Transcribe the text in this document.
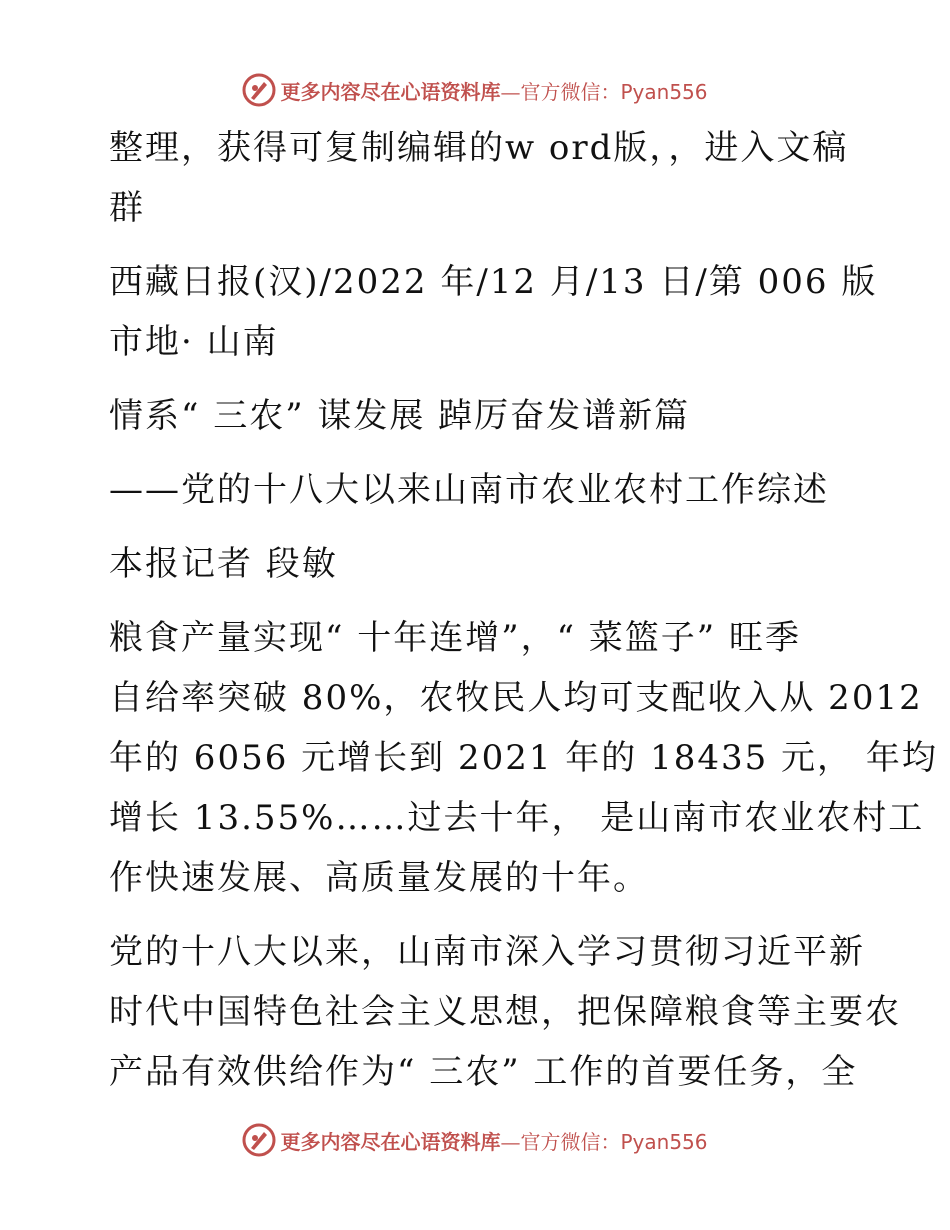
更多内容尽在心语资料库—官方微信：Pyan556

整理，获得可复制编辑的w ord版，，进入文稿
群

西藏日报(汉)/2022 年/12 月/13 日/第 006 版
市地· 山南

情系“ 三农” 谋发展 踔厉奋发谱新篇

——党的十八大以来山南市农业农村工作综述

本报记者 段敏

粮食产量实现“ 十年连增”，“ 菜篮子” 旺季
自给率突破 80%，农牧民人均可支配收入从 2012
年的 6056 元增长到 2021 年的 18435 元， 年均
增长 13.55%……过去十年， 是山南市农业农村工
作快速发展、高质量发展的十年。

党的十八大以来，山南市深入学习贯彻习近平新
时代中国特色社会主义思想，把保障粮食等主要农
产品有效供给作为“ 三农” 工作的首要任务，全

更多内容尽在心语资料库—官方微信：Pyan556
